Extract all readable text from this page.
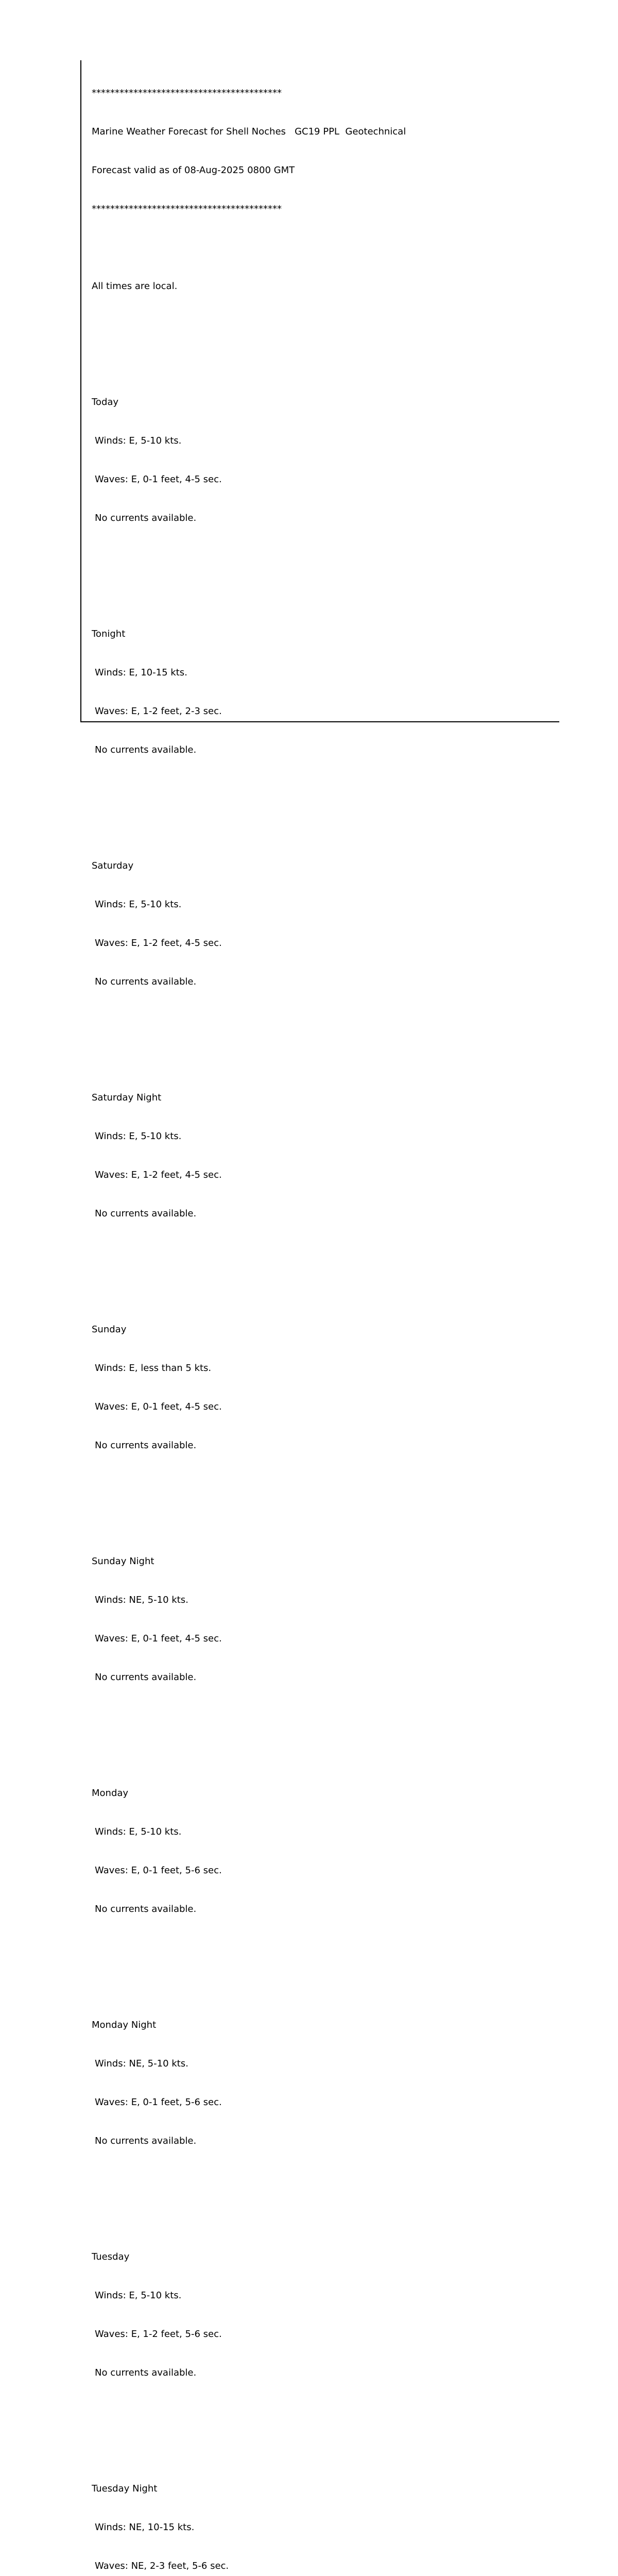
*****************************************

Marine Weather Forecast for Shell Noches   GC19 PPL  Geotechnical

Forecast valid as of 08-Aug-2025 0800 GMT

*****************************************

All times are local.

Today

Winds: E, 5-10 kts.

Waves: E, 0-1 feet, 4-5 sec.

No currents available.

Tonight

Winds: E, 10-15 kts.

Waves: E, 1-2 feet, 2-3 sec.

No currents available.

Saturday

Winds: E, 5-10 kts.

Waves: E, 1-2 feet, 4-5 sec.

No currents available.

Saturday Night

Winds: E, 5-10 kts.

Waves: E, 1-2 feet, 4-5 sec.

No currents available.

Sunday

Winds: E, less than 5 kts.

Waves: E, 0-1 feet, 4-5 sec.

No currents available.

Sunday Night

Winds: NE, 5-10 kts.

Waves: E, 0-1 feet, 4-5 sec.

No currents available.

Monday

Winds: E, 5-10 kts.

Waves: E, 0-1 feet, 5-6 sec.

No currents available.

Monday Night

Winds: NE, 5-10 kts.

Waves: E, 0-1 feet, 5-6 sec.

No currents available.

Tuesday

Winds: E, 5-10 kts.

Waves: E, 1-2 feet, 5-6 sec.

No currents available.

Tuesday Night

Winds: NE, 10-15 kts.

Waves: NE, 2-3 feet, 5-6 sec.
